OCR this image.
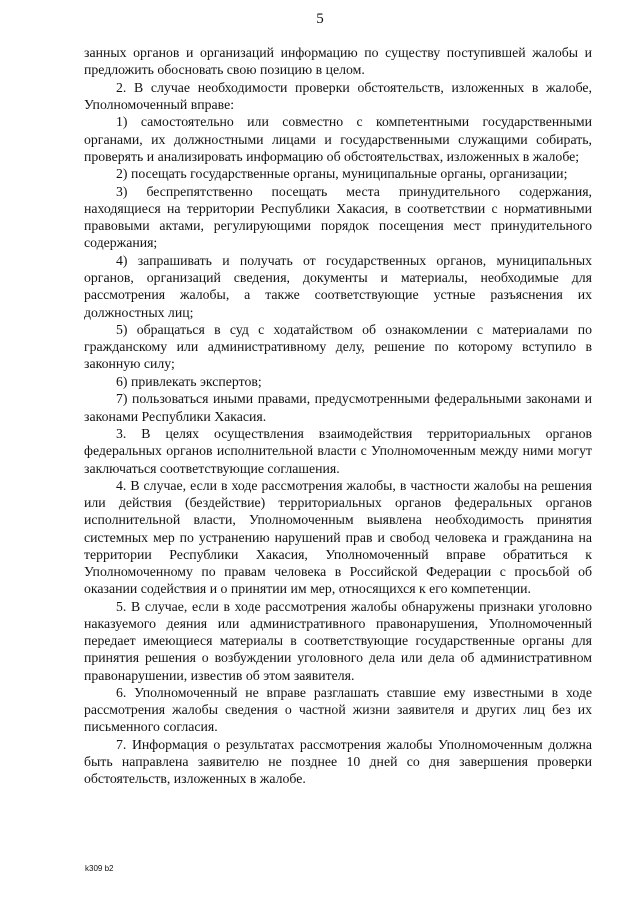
5

занных органов и организаций информацию по существу поступившей жалобы и предложить обосновать свою позицию в целом.

2. В случае необходимости проверки обстоятельств, изложенных в жалобе, Уполномоченный вправе:

1) самостоятельно или совместно с компетентными государственными органами, их должностными лицами и государственными служащими собирать, проверять и анализировать информацию об обстоятельствах, изложенных в жалобе;

2) посещать государственные органы, муниципальные органы, организации;

3) беспрепятственно посещать места принудительного содержания, находящиеся на территории Республики Хакасия, в соответствии с нормативными правовыми актами, регулирующими порядок посещения мест принудительного содержания;

4) запрашивать и получать от государственных органов, муниципальных органов, организаций сведения, документы и материалы, необходимые для рассмотрения жалобы, а также соответствующие устные разъяснения их должностных лиц;

5) обращаться в суд с ходатайством об ознакомлении с материалами по гражданскому или административному делу, решение по которому вступило в законную силу;

6) привлекать экспертов;

7) пользоваться иными правами, предусмотренными федеральными законами и законами Республики Хакасия.

3. В целях осуществления взаимодействия территориальных органов федеральных органов исполнительной власти с Уполномоченным между ними могут заключаться соответствующие соглашения.

4. В случае, если в ходе рассмотрения жалобы, в частности жалобы на решения или действия (бездействие) территориальных органов федеральных органов исполнительной власти, Уполномоченным выявлена необходимость принятия системных мер по устранению нарушений прав и свобод человека и гражданина на территории Республики Хакасия, Уполномоченный вправе обратиться к Уполномоченному по правам человека в Российской Федерации с просьбой об оказании содействия и о принятии им мер, относящихся к его компетенции.

5. В случае, если в ходе рассмотрения жалобы обнаружены признаки уголовно наказуемого деяния или административного правонарушения, Уполномоченный передает имеющиеся материалы в соответствующие государственные органы для принятия решения о возбуждении уголовного дела или дела об административном правонарушении, известив об этом заявителя.

6. Уполномоченный не вправе разглашать ставшие ему известными в ходе рассмотрения жалобы сведения о частной жизни заявителя и других лиц без их письменного согласия.

7. Информация о результатах рассмотрения жалобы Уполномоченным должна быть направлена заявителю не позднее 10 дней со дня завершения проверки обстоятельств, изложенных в жалобе.

k309 b2
